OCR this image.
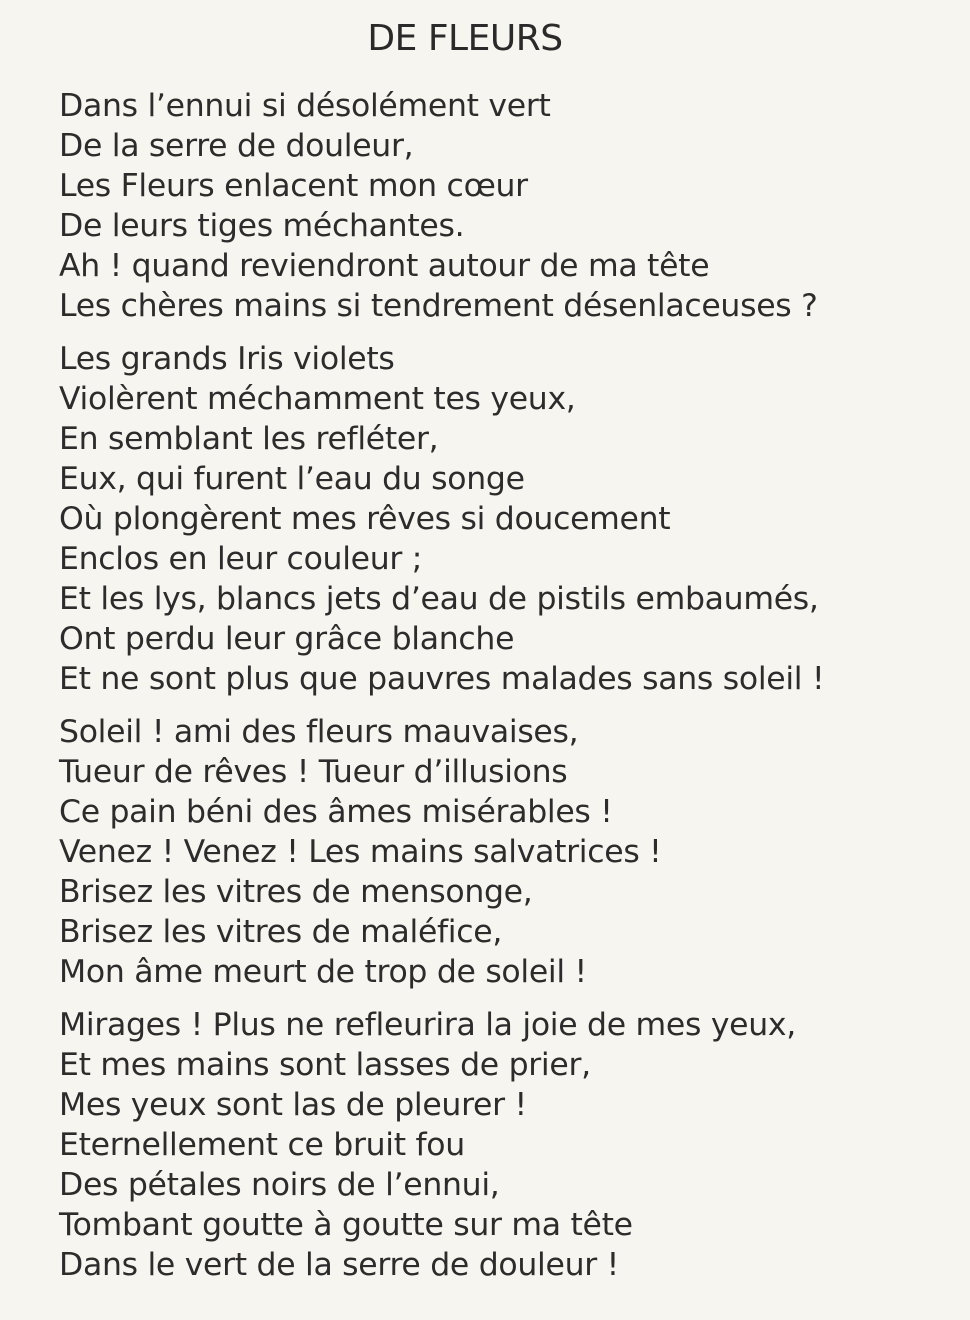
DE FLEURS
Dans l’ennui si désolément vert
De la serre de douleur,
Les Fleurs enlacent mon cœur
De leurs tiges méchantes.
Ah ! quand reviendront autour de ma tête
Les chères mains si tendrement désenlaceuses ?
Les grands Iris violets
Violèrent méchamment tes yeux,
En semblant les refléter,
Eux, qui furent l’eau du songe
Où plongèrent mes rêves si doucement
Enclos en leur couleur ;
Et les lys, blancs jets d’eau de pistils embaumés,
Ont perdu leur grâce blanche
Et ne sont plus que pauvres malades sans soleil !
Soleil ! ami des fleurs mauvaises,
Tueur de rêves ! Tueur d’illusions
Ce pain béni des âmes misérables !
Venez ! Venez ! Les mains salvatrices !
Brisez les vitres de mensonge,
Brisez les vitres de maléfice,
Mon âme meurt de trop de soleil !
Mirages ! Plus ne refleurira la joie de mes yeux,
Et mes mains sont lasses de prier,
Mes yeux sont las de pleurer !
Eternellement ce bruit fou
Des pétales noirs de l’ennui,
Tombant goutte à goutte sur ma tête
Dans le vert de la serre de douleur !
